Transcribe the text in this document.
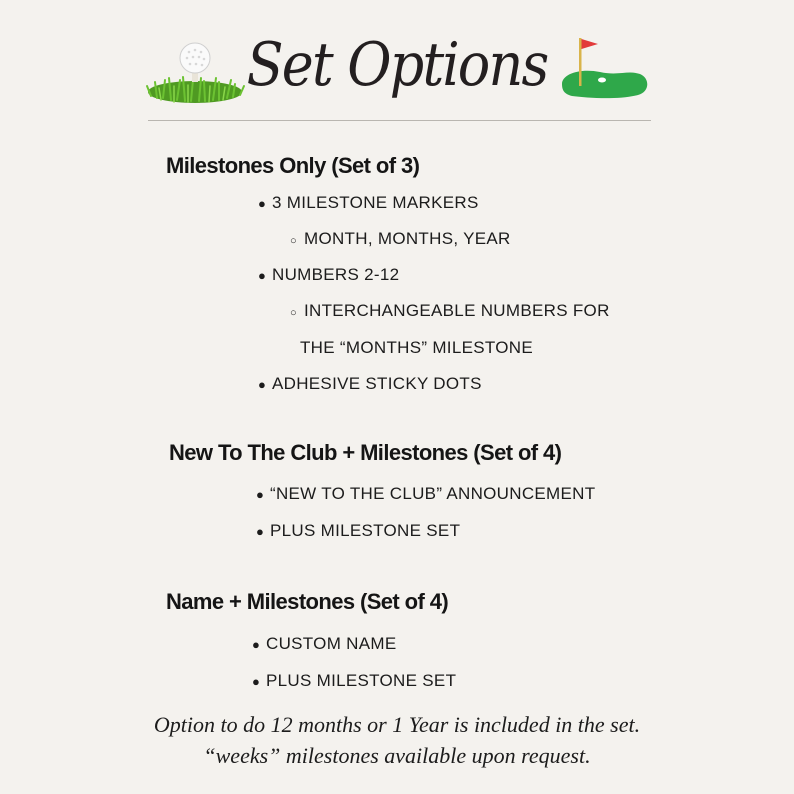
Set Options
Milestones Only (Set of 3)
● 3 MILESTONE MARKERS
○ MONTH, MONTHS, YEAR
● NUMBERS 2-12
○ INTERCHANGEABLE NUMBERS FOR
THE “MONTHS” MILESTONE
● ADHESIVE STICKY DOTS
New To The Club + Milestones (Set of 4)
● “NEW TO THE CLUB” ANNOUNCEMENT
● PLUS MILESTONE SET
Name + Milestones (Set of 4)
● CUSTOM NAME
● PLUS MILESTONE SET
Option to do 12 months or 1 Year is included in the set.
“weeks” milestones available upon request.
